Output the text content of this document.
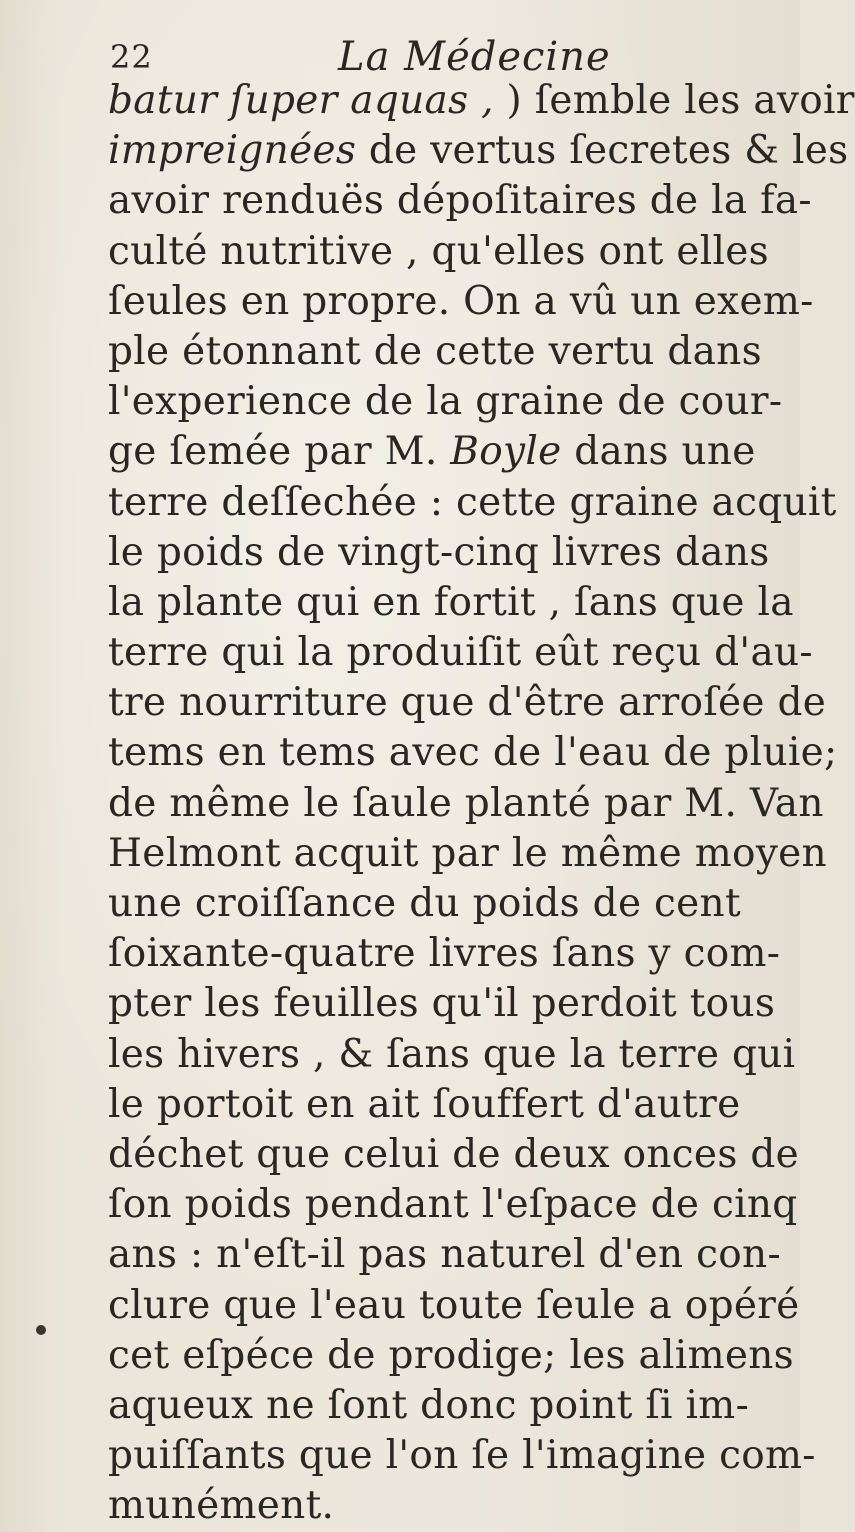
22	La Médecine
batur ſuper aquas , ) ſemble les avoir
impreignées de vertus ſecretes & les
avoir renduës dépoſitaires de la fa-
culté nutritive , qu'elles ont elles
ſeules en propre. On a vû un exem-
ple étonnant de cette vertu dans
l'experience de la graine de cour-
ge ſemée par M. Boyle dans une
terre deſſechée : cette graine acquit
le poids de vingt-cinq livres dans
la plante qui en fortit , ſans que la
terre qui la produiſit eût reçu d'au-
tre nourriture que d'être arroſée de
tems en tems avec de l'eau de pluie;
de même le ſaule planté par M. Van
Helmont acquit par le même moyen
une croiſſance du poids de cent
ſoixante-quatre livres ſans y com-
pter les feuilles qu'il perdoit tous
les hivers , & ſans que la terre qui
le portoit en ait ſouffert d'autre
déchet que celui de deux onces de
ſon poids pendant l'eſpace de cinq
ans : n'eſt-il pas naturel d'en con-
clure que l'eau toute ſeule a opéré
cet eſpéce de prodige; les alimens
aqueux ne ſont donc point ſi im-
puiſſants que l'on ſe l'imagine com-
munément.
